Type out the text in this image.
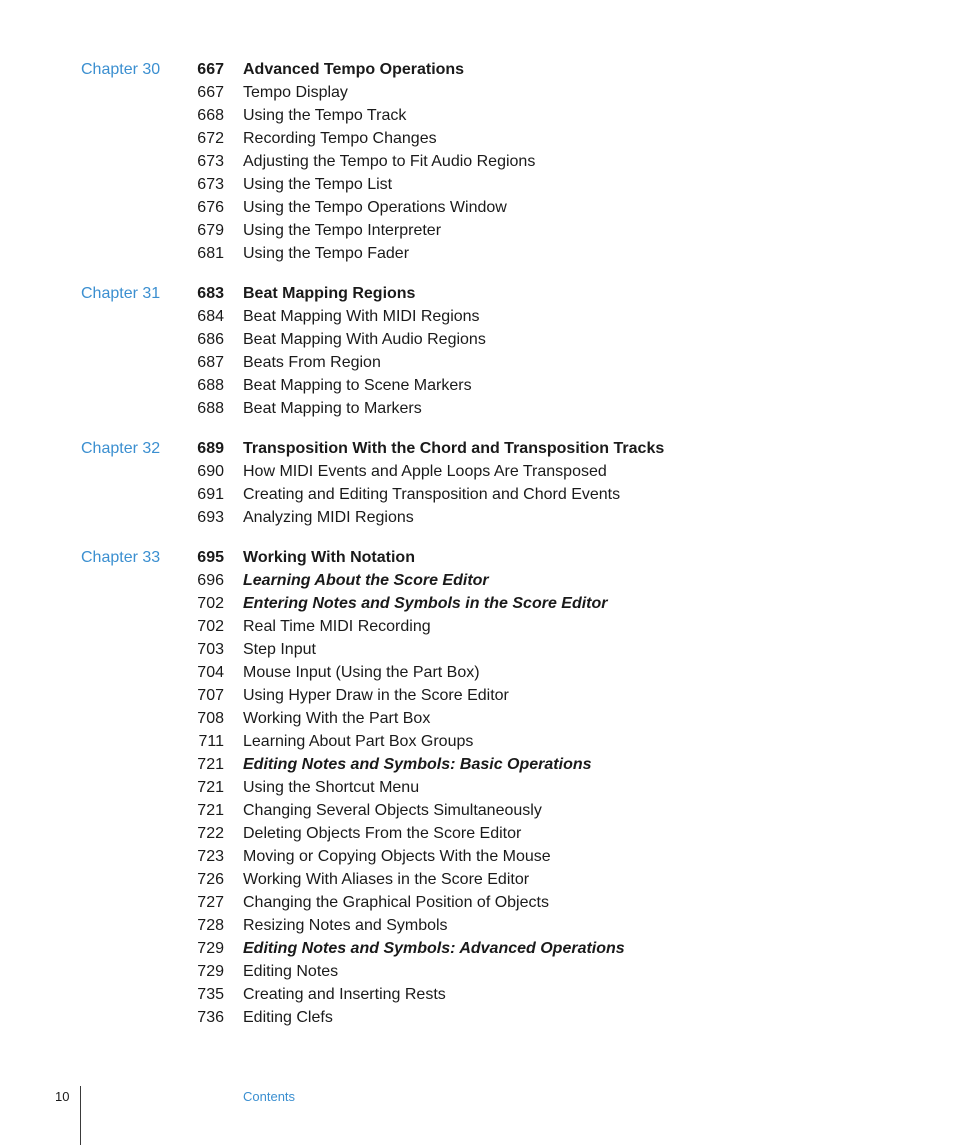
Chapter 30	667 Advanced Tempo Operations
667 Tempo Display
668 Using the Tempo Track
672 Recording Tempo Changes
673 Adjusting the Tempo to Fit Audio Regions
673 Using the Tempo List
676 Using the Tempo Operations Window
679 Using the Tempo Interpreter
681 Using the Tempo Fader
Chapter 31	683 Beat Mapping Regions
684 Beat Mapping With MIDI Regions
686 Beat Mapping With Audio Regions
687 Beats From Region
688 Beat Mapping to Scene Markers
688 Beat Mapping to Markers
Chapter 32	689 Transposition With the Chord and Transposition Tracks
690 How MIDI Events and Apple Loops Are Transposed
691 Creating and Editing Transposition and Chord Events
693 Analyzing MIDI Regions
Chapter 33	695 Working With Notation
696 Learning About the Score Editor
702 Entering Notes and Symbols in the Score Editor
702 Real Time MIDI Recording
703 Step Input
704 Mouse Input (Using the Part Box)
707 Using Hyper Draw in the Score Editor
708 Working With the Part Box
711 Learning About Part Box Groups
721 Editing Notes and Symbols: Basic Operations
721 Using the Shortcut Menu
721 Changing Several Objects Simultaneously
722 Deleting Objects From the Score Editor
723 Moving or Copying Objects With the Mouse
726 Working With Aliases in the Score Editor
727 Changing the Graphical Position of Objects
728 Resizing Notes and Symbols
729 Editing Notes and Symbols: Advanced Operations
729 Editing Notes
735 Creating and Inserting Rests
736 Editing Clefs
10	Contents
